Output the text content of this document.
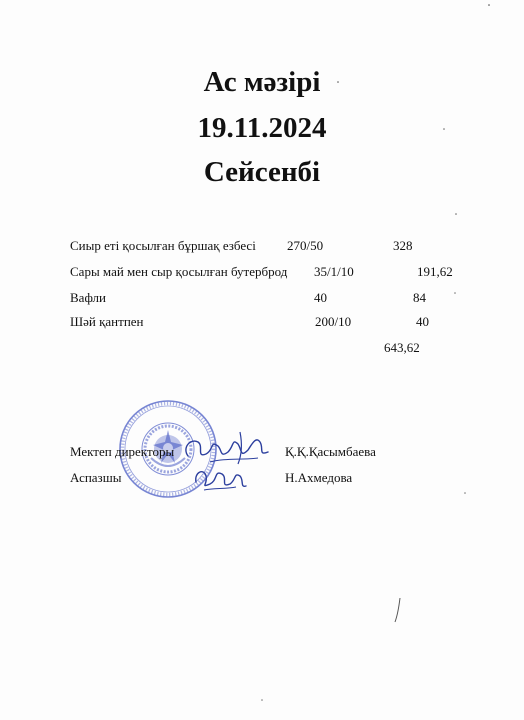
Ас мәзірі
19.11.2024
Сейсенбі
Сиыр еті қосылған бұршақ езбесі 270/50	328
Сары май мен сыр қосылған бутерброд 35/1/10	191,62
Вафли	40	84
Шәй қантпен	200/10	40
643,62
Мектеп директоры	Қ.Қ.Қасымбаева
Аспазшы	Н.Ахмедова
